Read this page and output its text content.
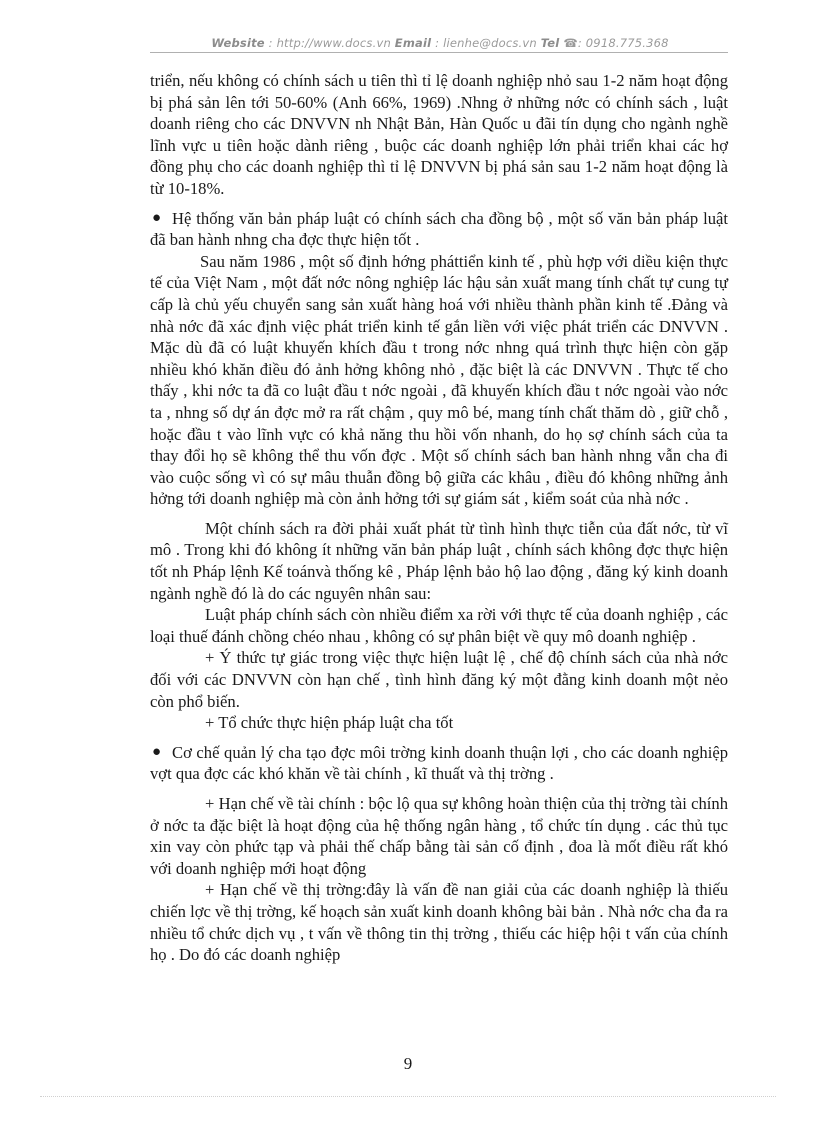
Website : http://www.docs.vn Email : lienhe@docs.vn Tel ☎: 0918.775.368

triển, nếu không có chính sách u tiên thì tỉ lệ doanh nghiệp nhỏ sau 1-2 năm hoạt động bị phá sản lên tới 50-60% (Anh 66%, 1969) .Nhng ở những nớc có chính sách , luật doanh riêng cho các DNVVN nh Nhật Bản, Hàn Quốc u đãi tín dụng cho ngành nghề lĩnh vực u tiên hoặc dành riêng , buộc các doanh nghiệp lớn phải triển khai các hợ đồng phụ cho các doanh nghiệp thì tỉ lệ DNVVN bị phá sản sau 1-2 năm hoạt động là từ 10-18%.

● Hệ thống văn bản pháp luật có chính sách cha đồng bộ , một số văn bản pháp luật đã ban hành nhng cha đợc thực hiện tốt .

Sau năm 1986 , một số định hớng pháttiển kinh tế , phù hợp với diều kiện thực tế của Việt Nam , một đất nớc nông nghiệp lác hậu sản xuất mang tính chất tự cung tự cấp là chủ yếu chuyển sang sản xuất hàng hoá với nhiều thành phần kinh tế .Đảng và nhà nớc đã xác định việc phát triển kinh tế gắn liền với việc phát triển các DNVVN . Mặc dù đã có luật khuyến khích đầu t trong nớc nhng quá trình thực hiện còn gặp nhiều khó khăn điều đó ảnh hởng không nhỏ , đặc biệt là các DNVVN . Thực tế cho thấy , khi nớc ta đã co luật đầu t nớc ngoài , đã khuyến khích đầu t nớc ngoài vào nớc ta , nhng số dự án đợc mở ra rất chậm , quy mô bé, mang tính chất thăm dò , giữ chỗ , hoặc đầu t vào lĩnh vực có khả năng thu hồi vốn nhanh, do họ sợ chính sách của ta thay đổi họ sẽ không thể thu vốn đợc . Một số chính sách ban hành nhng vẫn cha đi vào cuộc sống vì có sự mâu thuẫn đồng bộ giữa các khâu , điều đó không những ảnh hởng tới doanh nghiệp mà còn ảnh hởng tới sự giám sát , kiểm soát của nhà nớc .

Một chính sách ra đời phải xuất phát từ tình hình thực tiễn của đất nớc, từ vĩ mô . Trong khi đó không ít những văn bản pháp luật , chính sách không đợc thực hiện tốt nh Pháp lệnh Kế toánvà thống kê , Pháp lệnh bảo hộ lao động , đăng ký kinh doanh ngành nghề đó là do các nguyên nhân sau:

Luật pháp chính sách còn nhiều điểm xa rời với thực tế của doanh nghiệp , các loại thuế đánh chồng chéo nhau , không có sự phân biệt về quy mô doanh nghiệp .

+ Ý thức tự giác trong việc thực hiện luật lệ , chế độ chính sách của nhà nớc đối với các DNVVN còn hạn chế , tình hình đăng ký một đằng kinh doanh một nẻo còn phổ biến.

+ Tổ chức thực hiện pháp luật cha tốt

● Cơ chế quản lý cha tạo đợc môi trờng kinh doanh thuận lợi , cho các doanh nghiệp vợt qua đợc các khó khăn về tài chính , kĩ thuất và thị trờng .

+ Hạn chế về tài chính : bộc lộ qua sự không hoàn thiện của thị trờng tài chính ở nớc ta đặc biệt là hoạt động của hệ thống ngân hàng , tổ chức tín dụng . các thủ tục xin vay còn phức tạp và phải thế chấp bằng tài sản cố định , đoa là mốt điều rất khó với doanh nghiệp mới hoạt động

+ Hạn chế về thị trờng:đây là vấn đề nan giải của các doanh nghiệp là thiếu chiến lợc về thị trờng, kế hoạch sản xuất kinh doanh không bài bản . Nhà nớc cha đa ra nhiều tổ chức dịch vụ , t vấn về thông tin thị trờng , thiếu các hiệp hội t vấn của chính họ . Do đó các doanh nghiệp

9
